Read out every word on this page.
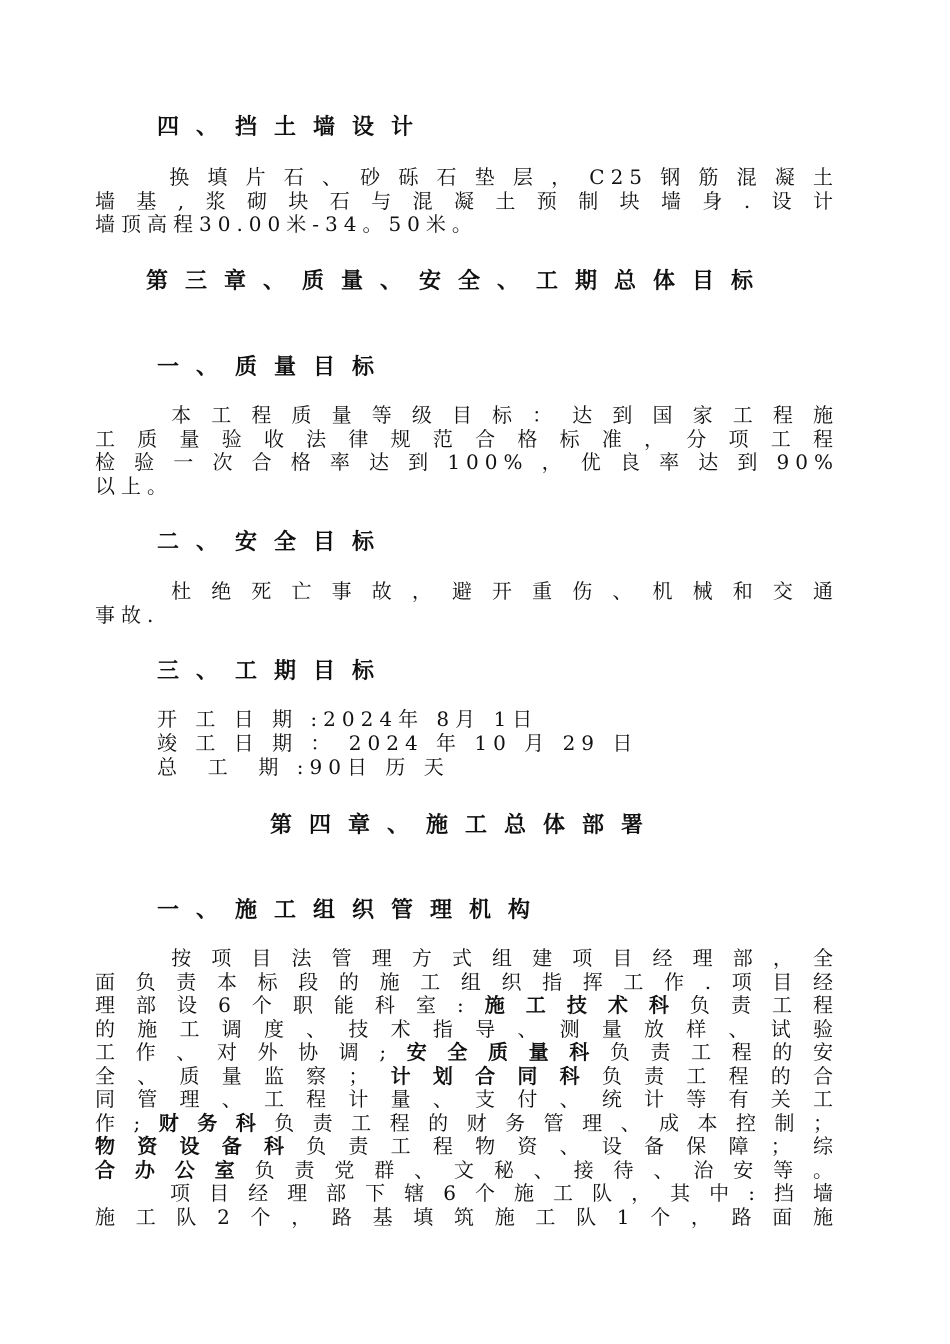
四、挡土墙设计
换填片石、砂砾石垫层，C25钢筋混凝土
墙基,浆砌块石与混凝土预制块墙身.设计
墙顶高程30.00米-34。50米。
第三章、质量、安全、工期总体目标
一、质量目标
本工程质量等级目标：达到国家工程施
工质量验收法律规范合格标准，分项工程
检验一次合格率达到100%，优良率达到90%
以上。
二、安全目标
杜绝死亡事故，避开重伤、机械和交通
事故.
三、工期目标

开 工 日 期 :2024年 8月 1日

竣 工 日 期 ： 2024 年 10 月 29 日

总  工  期 :90日 历 天

第四章、施工总体部署
一、施工组织管理机构
按项目法管理方式组建项目经理部，全
面负责本标段的施工组织指挥工作.项目经
理部设6个职能科室:施工技术科负责工程
的施工调度、技术指导、测量放样、试验
工作、对外协调;安全质量科负责工程的安
全、质量监察；计划合同科负责工程的合
同管理、工程计量、支付、统计等有关工
作;财务科负责工程的财务管理、成本控制；
物资设备科负责工程物资、设备保障；综
合办公室负责党群、文秘、接待、治安等。
项目经理部下辖6个施工队，其中:挡墙
施工队2个，路基填筑施工队1个，路面施
